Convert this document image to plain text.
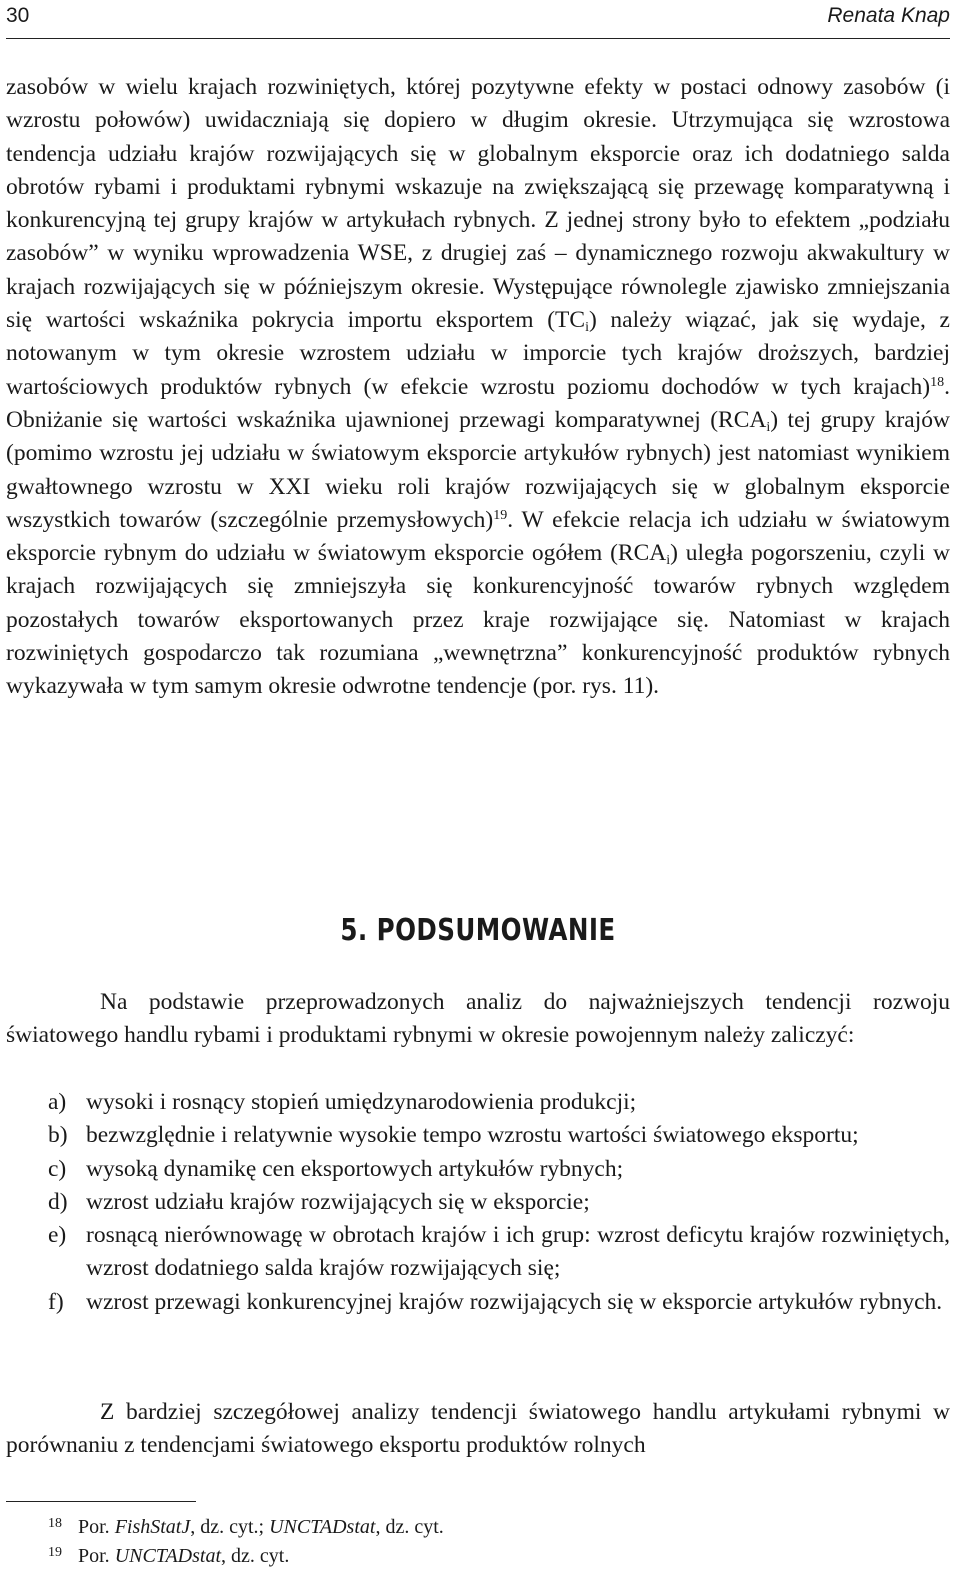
30	Renata Knap

zasobów w wielu krajach rozwiniętych, której pozytywne efekty w postaci odnowy zasobów (i wzrostu połowów) uwidaczniają się dopiero w długim okresie. Utrzymująca się wzrostowa tendencja udziału krajów rozwijających się w globalnym eksporcie oraz ich dodatniego salda obrotów rybami i produktami rybnymi wskazuje na zwiększającą się przewagę komparatywną i konkurencyjną tej grupy krajów w artykułach rybnych. Z jednej strony było to efektem „podziału zasobów” w wyniku wprowadzenia WSE, z drugiej zaś – dynamicznego rozwoju akwakultury w krajach rozwijających się w późniejszym okresie. Występujące równolegle zjawisko zmniejszania się wartości wskaźnika pokrycia importu eksportem $(TC_i)$ należy wiązać, jak się wydaje, z notowanym w tym okresie wzrostem udziału w imporcie tych krajów droższych, bardziej wartościowych produktów rybnych (w efekcie wzrostu poziomu dochodów w tych krajach)$^{18}$. Obniżanie się wartości wskaźnika ujawnionej przewagi komparatywnej $(RCA_i)$ tej grupy krajów (pomimo wzrostu jej udziału w światowym eksporcie artykułów rybnych) jest natomiast wynikiem gwałtownego wzrostu w XXI wieku roli krajów rozwijających się w globalnym eksporcie wszystkich towarów (szczególnie przemysłowych)$^{19}$. W efekcie relacja ich udziału w światowym eksporcie rybnym do udziału w światowym eksporcie ogółem $(RCA_i)$ uległa pogorszeniu, czyli w krajach rozwijających się zmniejszyła się konkurencyjność towarów rybnych względem pozostałych towarów eksportowanych przez kraje rozwijające się. Natomiast w krajach rozwiniętych gospodarczo tak rozumiana „wewnętrzna” konkurencyjność produktów rybnych wykazywała w tym samym okresie odwrotne tendencje (por. rys. 11).

5. PODSUMOWANIE

Na podstawie przeprowadzonych analiz do najważniejszych tendencji rozwoju światowego handlu rybami i produktami rybnymi w okresie powojennym należy zaliczyć:

a) wysoki i rosnący stopień umiędzynarodowienia produkcji;
b) bezwzględnie i relatywnie wysokie tempo wzrostu wartości światowego eksportu;
c) wysoką dynamikę cen eksportowych artykułów rybnych;
d) wzrost udziału krajów rozwijających się w eksporcie;
e) rosnącą nierównowagę w obrotach krajów i ich grup: wzrost deficytu krajów rozwiniętych, wzrost dodatniego salda krajów rozwijających się;
f) wzrost przewagi konkurencyjnej krajów rozwijających się w eksporcie artykułów rybnych.

Z bardziej szczegółowej analizy tendencji światowego handlu artykułami rybnymi w porównaniu z tendencjami światowego eksportu produktów rolnych

18 Por. FishStatJ, dz. cyt.; UNCTADstat, dz. cyt.
19 Por. UNCTADstat, dz. cyt.
